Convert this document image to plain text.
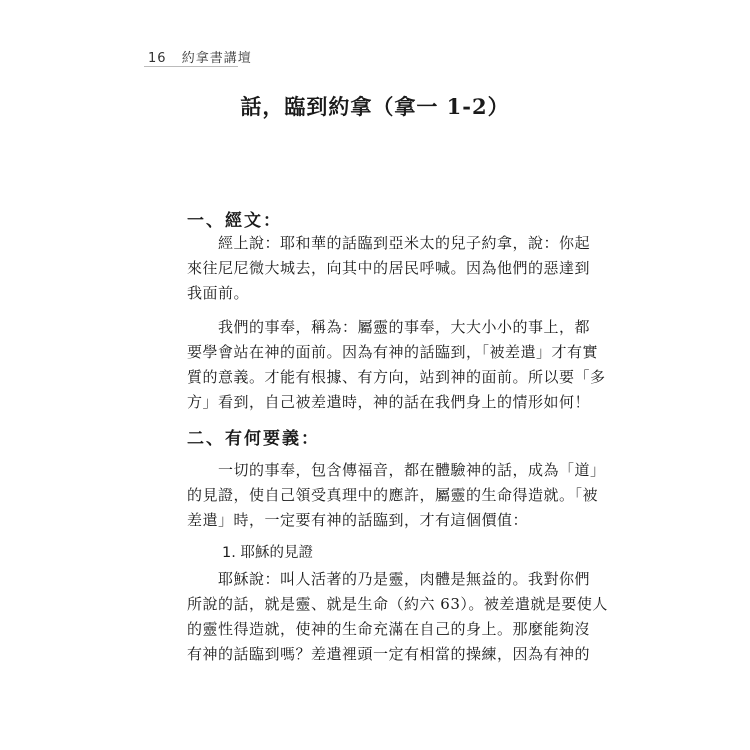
16 約拿書講壇
話，臨到約拿（拿一 1-2）
一、經文：
經上說：耶和華的話臨到亞米太的兒子約拿，說：你起
來往尼尼微大城去，向其中的居民呼喊。因為他們的惡達到
我面前。
我們的事奉，稱為：屬靈的事奉，大大小小的事上，都
要學會站在神的面前。因為有神的話臨到，「被差遣」才有實
質的意義。才能有根據、有方向，站到神的面前。所以要「多
方」看到，自己被差遣時，神的話在我們身上的情形如何！
二、有何要義：
一切的事奉，包含傳福音，都在體驗神的話，成為「道」
的見證，使自己領受真理中的應許，屬靈的生命得造就。「被
差遣」時，一定要有神的話臨到，才有這個價值：
1. 耶穌的見證
耶穌說：叫人活著的乃是靈，肉體是無益的。我對你們
所說的話，就是靈、就是生命（約六 63）。被差遣就是要使人
的靈性得造就，使神的生命充滿在自己的身上。那麼能夠沒
有神的話臨到嗎？差遣裡頭一定有相當的操練，因為有神的
